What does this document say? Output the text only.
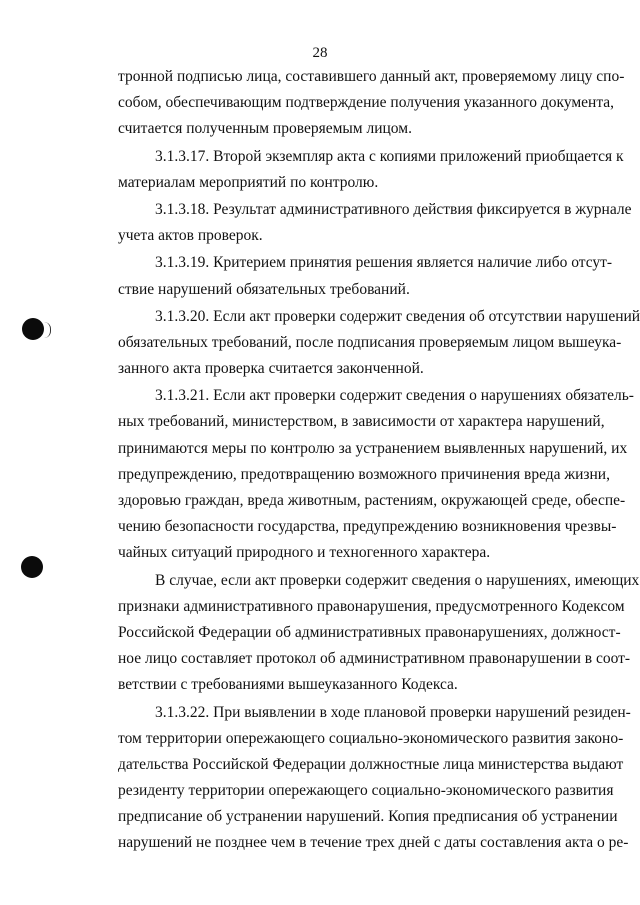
28
тронной подписью лица, составившего данный акт, проверяемому лицу спо-
собом, обеспечивающим подтверждение получения указанного документа,
считается полученным проверяемым лицом.
3.1.3.17. Второй экземпляр акта с копиями приложений приобщается к
материалам мероприятий по контролю.
3.1.3.18. Результат административного действия фиксируется в журнале
учета актов проверок.
3.1.3.19. Критерием принятия решения является наличие либо отсут-
ствие нарушений обязательных требований.
3.1.3.20. Если акт проверки содержит сведения об отсутствии нарушений
обязательных требований, после подписания проверяемым лицом вышеука-
занного акта проверка считается законченной.
3.1.3.21. Если акт проверки содержит сведения о нарушениях обязатель-
ных требований, министерством, в зависимости от характера нарушений,
принимаются меры по контролю за устранением выявленных нарушений, их
предупреждению, предотвращению возможного причинения вреда жизни,
здоровью граждан, вреда животным, растениям, окружающей среде, обеспе-
чению безопасности государства, предупреждению возникновения чрезвы-
чайных ситуаций природного и техногенного характера.
В случае, если акт проверки содержит сведения о нарушениях, имеющих
признаки административного правонарушения, предусмотренного Кодексом
Российской Федерации об административных правонарушениях, должност-
ное лицо составляет протокол об административном правонарушении в соот-
ветствии с требованиями вышеуказанного Кодекса.
3.1.3.22. При выявлении в ходе плановой проверки нарушений резиден-
том территории опережающего социально-экономического развития законо-
дательства Российской Федерации должностные лица министерства выдают
резиденту территории опережающего социально-экономического развития
предписание об устранении нарушений. Копия предписания об устранении
нарушений не позднее чем в течение трех дней с даты составления акта о ре-
